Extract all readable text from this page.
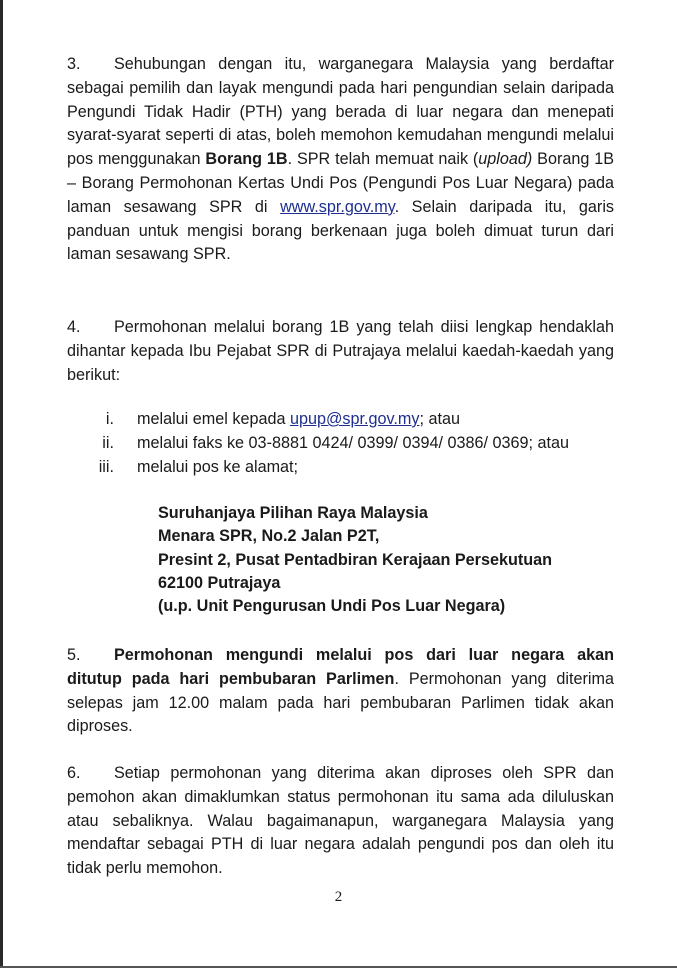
3. Sehubungan dengan itu, warganegara Malaysia yang berdaftar sebagai pemilih dan layak mengundi pada hari pengundian selain daripada Pengundi Tidak Hadir (PTH) yang berada di luar negara dan menepati syarat-syarat seperti di atas, boleh memohon kemudahan mengundi melalui pos menggunakan Borang 1B. SPR telah memuat naik (upload) Borang 1B – Borang Permohonan Kertas Undi Pos (Pengundi Pos Luar Negara) pada laman sesawang SPR di www.spr.gov.my. Selain daripada itu, garis panduan untuk mengisi borang berkenaan juga boleh dimuat turun dari laman sesawang SPR.
4. Permohonan melalui borang 1B yang telah diisi lengkap hendaklah dihantar kepada Ibu Pejabat SPR di Putrajaya melalui kaedah-kaedah yang berikut:
i. melalui emel kepada upup@spr.gov.my; atau
ii. melalui faks ke 03-8881 0424/ 0399/ 0394/ 0386/ 0369; atau
iii. melalui pos ke alamat;
Suruhanjaya Pilihan Raya Malaysia
Menara SPR, No.2 Jalan P2T,
Presint 2, Pusat Pentadbiran Kerajaan Persekutuan
62100 Putrajaya
(u.p. Unit Pengurusan Undi Pos Luar Negara)
5. Permohonan mengundi melalui pos dari luar negara akan ditutup pada hari pembubaran Parlimen. Permohonan yang diterima selepas jam 12.00 malam pada hari pembubaran Parlimen tidak akan diproses.
6. Setiap permohonan yang diterima akan diproses oleh SPR dan pemohon akan dimaklumkan status permohonan itu sama ada diluluskan atau sebaliknya. Walau bagaimanapun, warganegara Malaysia yang mendaftar sebagai PTH di luar negara adalah pengundi pos dan oleh itu tidak perlu memohon.
2
